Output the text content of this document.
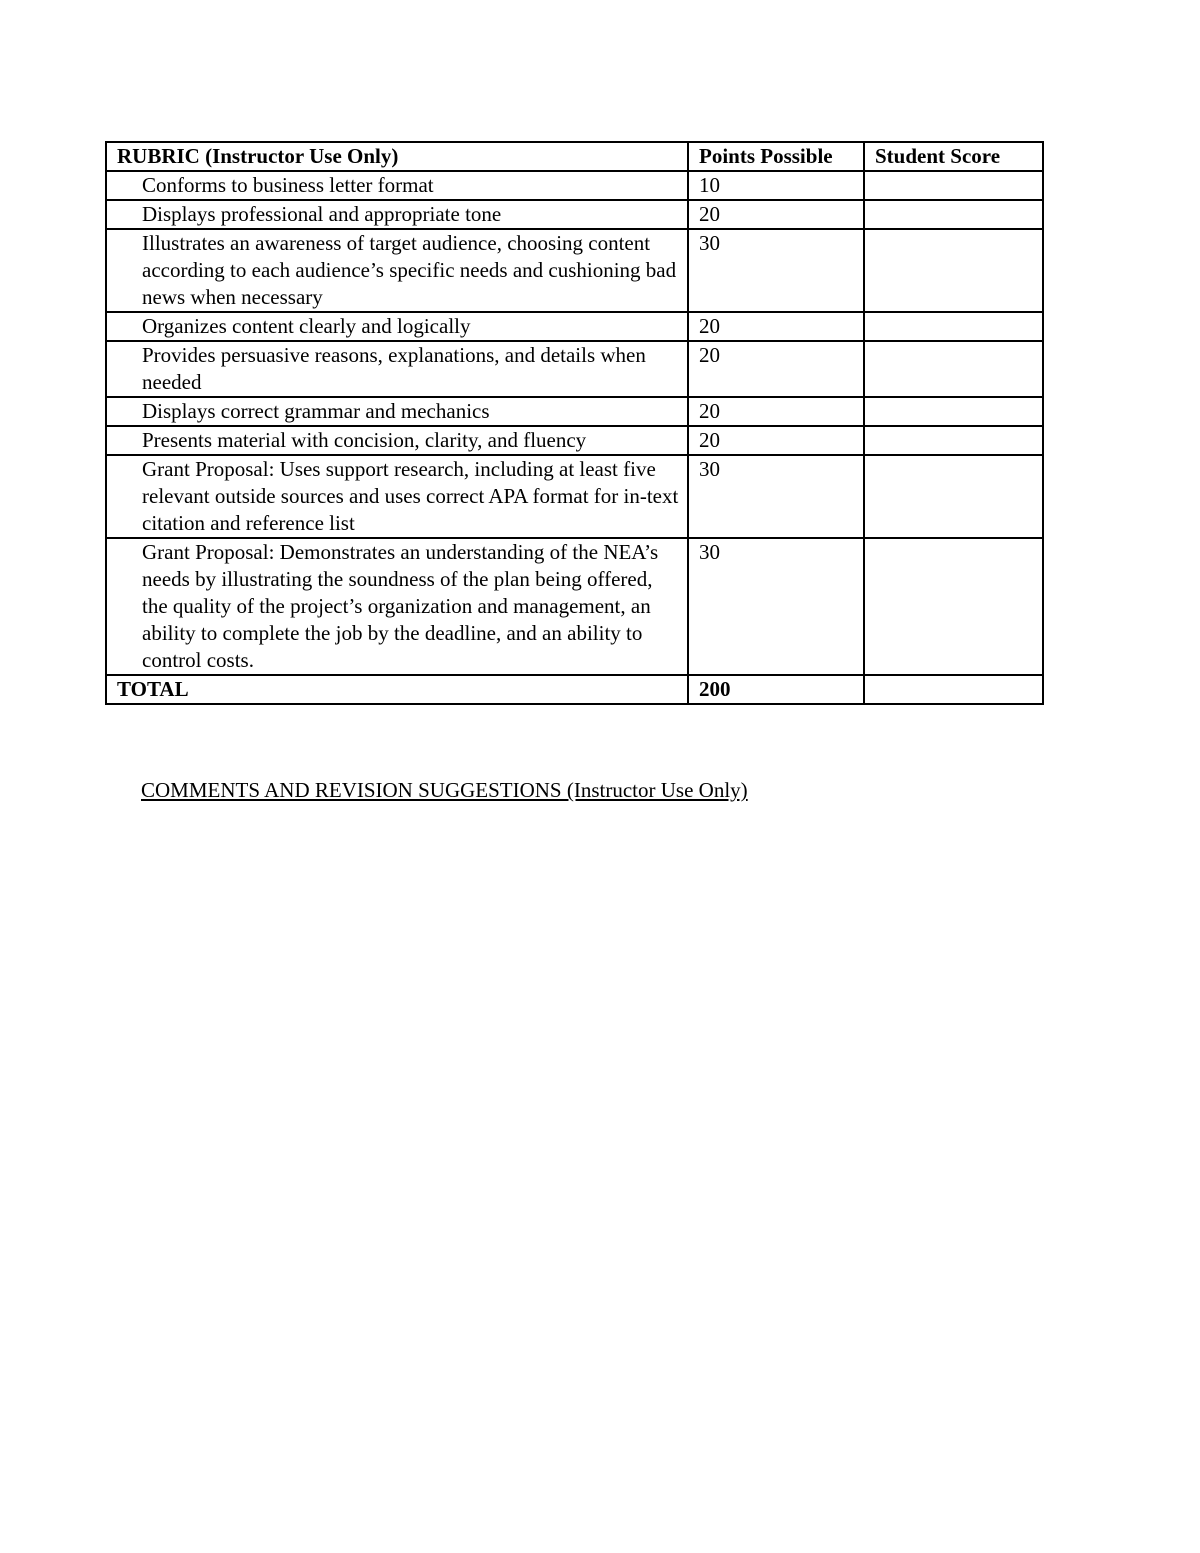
RUBRIC (Instructor Use Only)	Points Possible	Student Score
Conforms to business letter format	10	
Displays professional and appropriate tone	20	
Illustrates an awareness of target audience, choosing content according to each audience’s specific needs and cushioning bad news when necessary	30	
Organizes content clearly and logically	20	
Provides persuasive reasons, explanations, and details when needed	20	
Displays correct grammar and mechanics	20	
Presents material with concision, clarity, and fluency	20	
Grant Proposal: Uses support research, including at least five relevant outside sources and uses correct APA format for in-text citation and reference list	30	
Grant Proposal: Demonstrates an understanding of the NEA’s needs by illustrating the soundness of the plan being offered, the quality of the project’s organization and management, an ability to complete the job by the deadline, and an ability to control costs.	30	
TOTAL	200	
COMMENTS AND REVISION SUGGESTIONS (Instructor Use Only)
